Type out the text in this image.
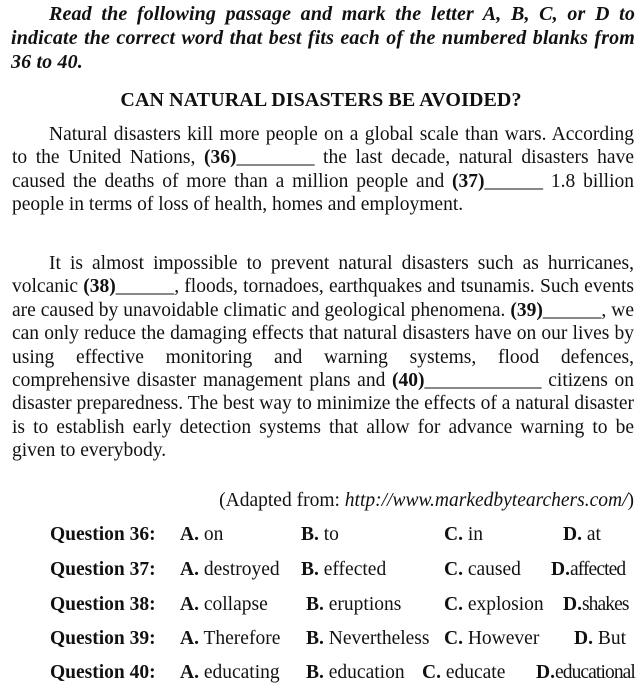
Read the following passage and mark the letter A, B, C, or D to indicate the correct word that best fits each of the numbered blanks from 36 to 40.
CAN NATURAL DISASTERS BE AVOIDED?
Natural disasters kill more people on a global scale than wars. According to the United Nations, (36)________ the last decade, natural disasters have caused the deaths of more than a million people and (37)______ 1.8 billion people in terms of loss of health, homes and employment.
It is almost impossible to prevent natural disasters such as hurricanes, volcanic (38)______, floods, tornadoes, earthquakes and tsunamis. Such events are caused by unavoidable climatic and geological phenomena. (39)______, we can only reduce the damaging effects that natural disasters have on our lives by using effective monitoring and warning systems, flood defences, comprehensive disaster management plans and (40)____________ citizens on disaster preparedness. The best way to minimize the effects of a natural disaster is to establish early detection systems that allow for advance warning to be given to everybody.
(Adapted from: http://www.markedbytearchers.com/)
Question 36: A. on	B. to	C. in	D. at
Question 37: A. destroyed B. effected	C. caused D.affected
Question 38: A. collapse B. eruptions C. explosion D.shakes
Question 39: A. Therefore B. Nevertheless C. However D. But
Question 40: A. educating B. education C. educate D.educational
